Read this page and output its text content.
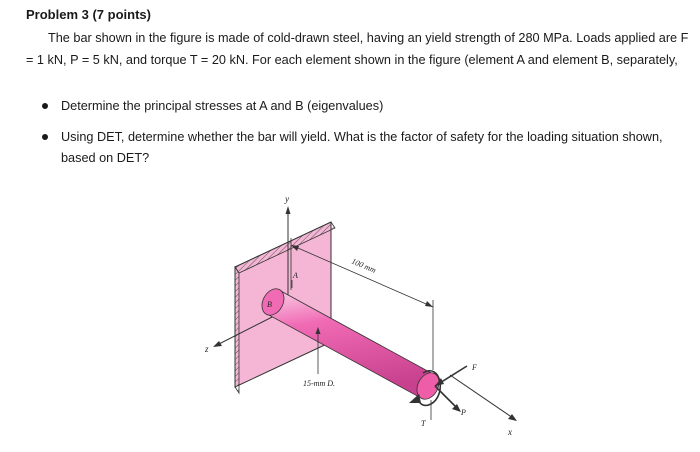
Problem 3 (7 points)
The bar shown in the figure is made of cold-drawn steel, having an yield strength of 280 MPa. Loads applied are F = 1 kN, P = 5 kN, and torque T = 20 kN. For each element shown in the figure (element A and element B, separately,
Determine the principal stresses at A and B (eigenvalues)
Using DET, determine whether the bar will yield. What is the factor of safety for the loading situation shown, based on DET?
y
z
x
100 mm
A
B
15-mm D.
T
F
P
